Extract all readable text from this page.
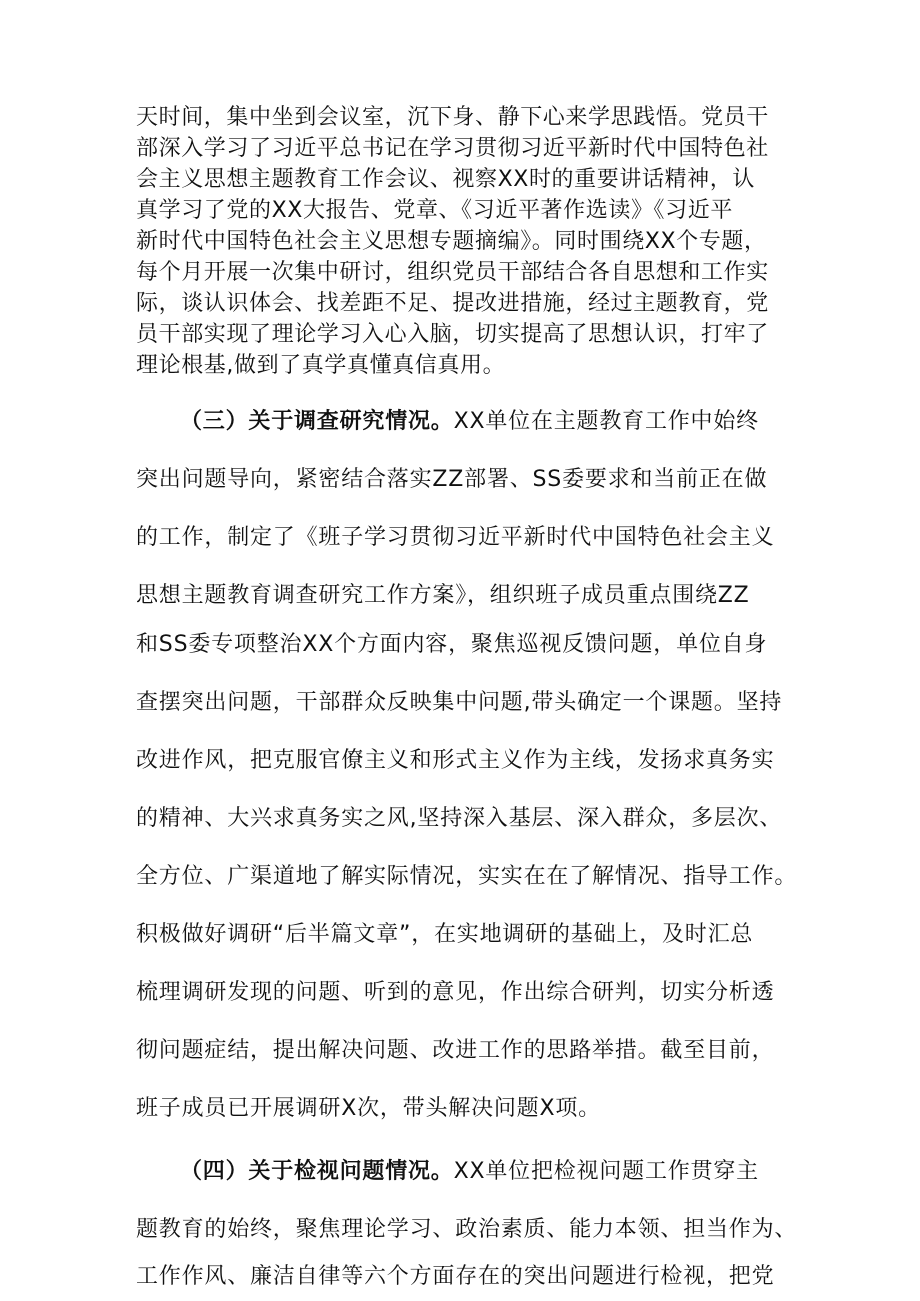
天时间，集中坐到会议室，沉下身、静下心来学思践悟。党员干
部深入学习了习近平总书记在学习贯彻习近平新时代中国特色社
会主义思想主题教育工作会议、视察XX时的重要讲话精神，认
真学习了党的XX大报告、党章、《习近平著作选读》《习近平
新时代中国特色社会主义思想专题摘编》。同时围绕XX个专题，
每个月开展一次集中研讨，组织党员干部结合各自思想和工作实
际，谈认识体会、找差距不足、提改进措施，经过主题教育，党
员干部实现了理论学习入心入脑，切实提高了思想认识，打牢了
理论根基,做到了真学真懂真信真用。
（三）关于调查研究情况。XX单位在主题教育工作中始终
突出问题导向，紧密结合落实ZZ部署、SS委要求和当前正在做
的工作，制定了《班子学习贯彻习近平新时代中国特色社会主义
思想主题教育调查研究工作方案》，组织班子成员重点围绕ZZ
和SS委专项整治XX个方面内容，聚焦巡视反馈问题，单位自身
查摆突出问题，干部群众反映集中问题,带头确定一个课题。坚持
改进作风，把克服官僚主义和形式主义作为主线，发扬求真务实
的精神、大兴求真务实之风,坚持深入基层、深入群众，多层次、
全方位、广渠道地了解实际情况，实实在在了解情况、指导工作。
积极做好调研“后半篇文章”，在实地调研的基础上，及时汇总
梳理调研发现的问题、听到的意见，作出综合研判，切实分析透
彻问题症结，提出解决问题、改进工作的思路举措。截至目前，
班子成员已开展调研X次，带头解决问题X项。
（四）关于检视问题情况。XX单位把检视问题工作贯穿主
题教育的始终，聚焦理论学习、政治素质、能力本领、担当作为、
工作作风、廉洁自律等六个方面存在的突出问题进行检视，把党
